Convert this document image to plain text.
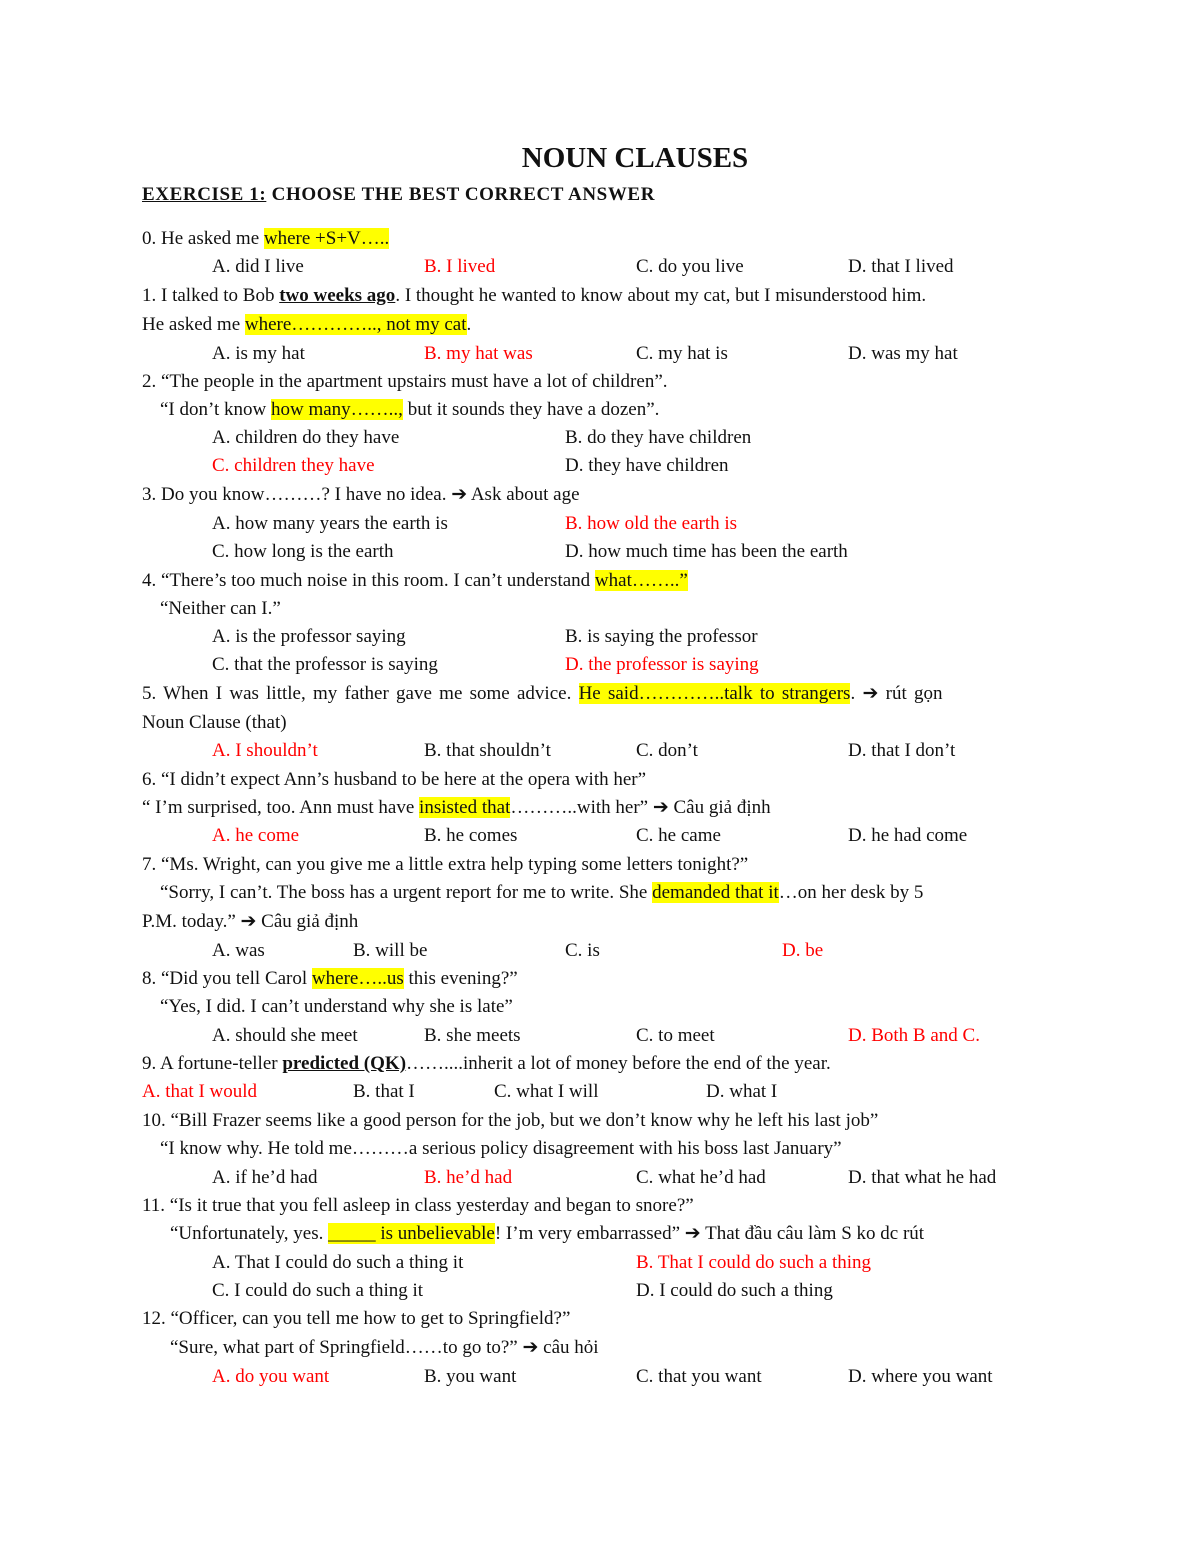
NOUN CLAUSES
EXERCISE 1: CHOOSE THE BEST CORRECT ANSWER
0. He asked me where +S+V…..
A. did I live	B. I lived	C. do you live	D. that I lived
1. I talked to Bob two weeks ago. I thought he wanted to know about my cat, but I misunderstood him.
He asked me where………….., not my cat.
A. is my hat	B. my hat was	C. my hat is	D. was my hat
2. “The people in the apartment upstairs must have a lot of children”.
“I don’t know how many…….., but it sounds they have a dozen”.
A. children do they have	B. do they have children
C. children they have	D. they have children
3. Do you know………? I have no idea. ➔ Ask about age
A. how many years the earth is	B. how old the earth is
C. how long is the earth	D. how much time has been the earth
4. “There’s too much noise in this room. I can’t understand what……..”
“Neither can I.”
A. is the professor saying	B. is saying the professor
C. that the professor is saying	D. the professor is saying
5. When I was little, my father gave me some advice. He said…………..talk to strangers. ➔ rút gọn
Noun Clause (that)
A. I shouldn’t	B. that shouldn’t	C. don’t	D. that I don’t
6. “I didn’t expect Ann’s husband to be here at the opera with her”
“ I’m surprised, too. Ann must have insisted that………..with her” ➔ Câu giả định
A. he come	B. he comes	C. he came	D. he had come
7. “Ms. Wright, can you give me a little extra help typing some letters tonight?”
“Sorry, I can’t. The boss has a urgent report for me to write. She demanded that it…on her desk by 5
P.M. today.” ➔ Câu giả định
A. was	B. will be	C. is	D. be
8. “Did you tell Carol where…..us this evening?”
“Yes, I did. I can’t understand why she is late”
A. should she meet	B. she meets	C. to meet	D. Both B and C.
9. A fortune-teller predicted (QK)……....inherit a lot of money before the end of the year.
A. that I would	B. that I	C. what I will	D. what I
10. “Bill Frazer seems like a good person for the job, but we don’t know why he left his last job”
“I know why. He told me………a serious policy disagreement with his boss last January”
A. if he’d had	B. he’d had	C. what he’d had	D. that what he had
11. “Is it true that you fell asleep in class yesterday and began to snore?”
“Unfortunately, yes. _____ is unbelievable! I’m very embarrassed” ➔ That đầu câu làm S ko dc rút
A. That I could do such a thing it	B. That I could do such a thing
C. I could do such a thing it	D. I could do such a thing
12. “Officer, can you tell me how to get to Springfield?”
“Sure, what part of Springfield……to go to?” ➔ câu hỏi
A. do you want	B. you want	C. that you want	D. where you want
